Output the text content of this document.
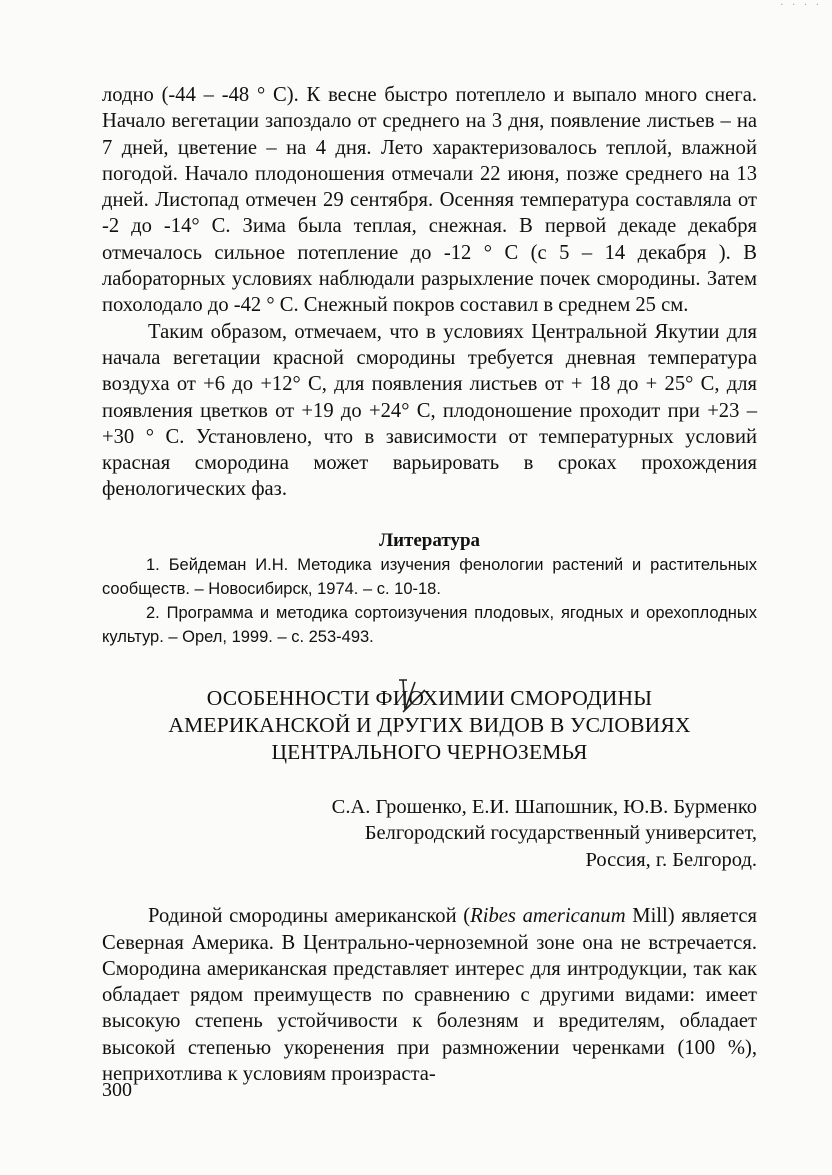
· · · ·

лодно (-44 – -48 ° С). К весне быстро потеплело и выпало много снега. Начало вегетации запоздало от среднего на 3 дня, появление листьев – на 7 дней, цветение – на 4 дня. Лето характеризовалось теплой, влажной погодой. Начало плодоношения отмечали 22 июня, позже среднего на 13 дней. Листопад отмечен 29 сентября. Осенняя температура составляла от -2 до -14° С. Зима была теплая, снежная. В первой декаде декабря отмечалось сильное потепление до -12 ° С (с 5 – 14 декабря ). В лабораторных условиях наблюдали разрыхление почек смородины. Затем похолодало до -42 ° С. Снежный покров составил в среднем 25 см.

Таким образом, отмечаем, что в условиях Центральной Якутии для начала вегетации красной смородины требуется дневная температура воздуха от +6 до +12° С, для появления листьев от + 18 до + 25° С, для появления цветков от +19 до +24° С, плодоношение проходит при +23 – +30 ° С. Установлено, что в зависимости от температурных условий красная смородина может варьировать в сроках прохождения фенологических фаз.

Литература
1. Бейдеман И.Н. Методика изучения фенологии растений и растительных сообществ. – Новосибирск, 1974. – с. 10-18.
2. Программа и методика сортоизучения плодовых, ягодных и орехоплодных культур. – Орел, 1999. – с. 253-493.
ОСОБЕННОСТИ ФИОХИМИИ СМОРОДИНЫ
АМЕРИКАНСКОЙ И ДРУГИХ ВИДОВ В УСЛОВИЯХ
ЦЕНТРАЛЬНОГО ЧЕРНОЗЕМЬЯ
С.А. Грошенко, Е.И. Шапошник, Ю.В. Бурменко
Белгородский государственный университет,
Россия, г. Белгород.

Родиной смородины американской (Ribes americanum Mill) является Северная Америка. В Центрально-черноземной зоне она не встречается. Смородина американская представляет интерес для интродукции, так как обладает рядом преимуществ по сравнению с другими видами: имеет высокую степень устойчивости к болезням и вредителям, обладает высокой степенью укоренения при размножении черенками (100 %), неприхотлива к условиям произраста-

300
